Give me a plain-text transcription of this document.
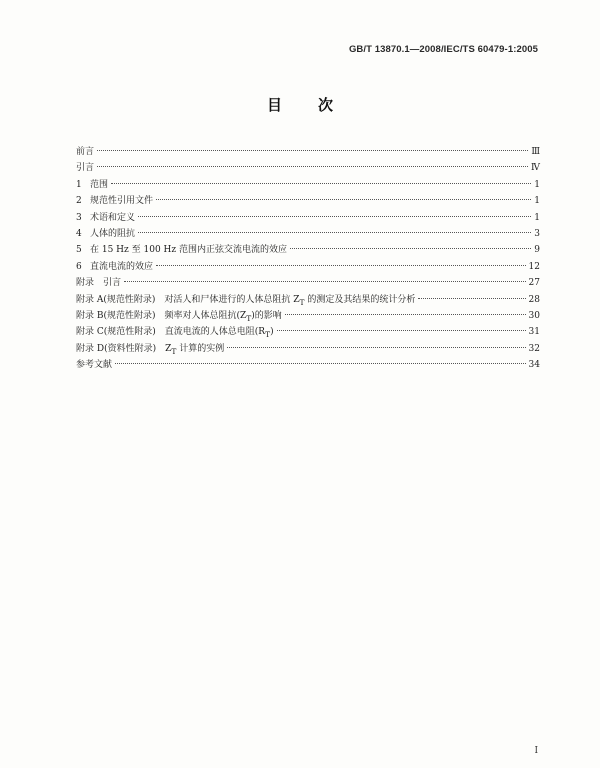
GB/T 13870.1—2008/IEC/TS 60479-1:2005
目 次
前言	Ⅲ
引言	Ⅳ
1 范围	1
2 规范性引用文件	1
3 术语和定义	1
4 人体的阻抗	3
5 在 15 Hz 至 100 Hz 范围内正弦交流电流的效应	9
6 直流电流的效应	12
附录　引言	27
附录 A(规范性附录)　对活人和尸体进行的人体总阻抗 $Z_T$ 的测定及其结果的统计分析	28
附录 B(规范性附录)　频率对人体总阻抗$(Z_T)$的影响	30
附录 C(规范性附录)　直流电流的人体总电阻$(R_T)$	31
附录 D(资料性附录)　$Z_T$ 计算的实例	32
参考文献	34
I
